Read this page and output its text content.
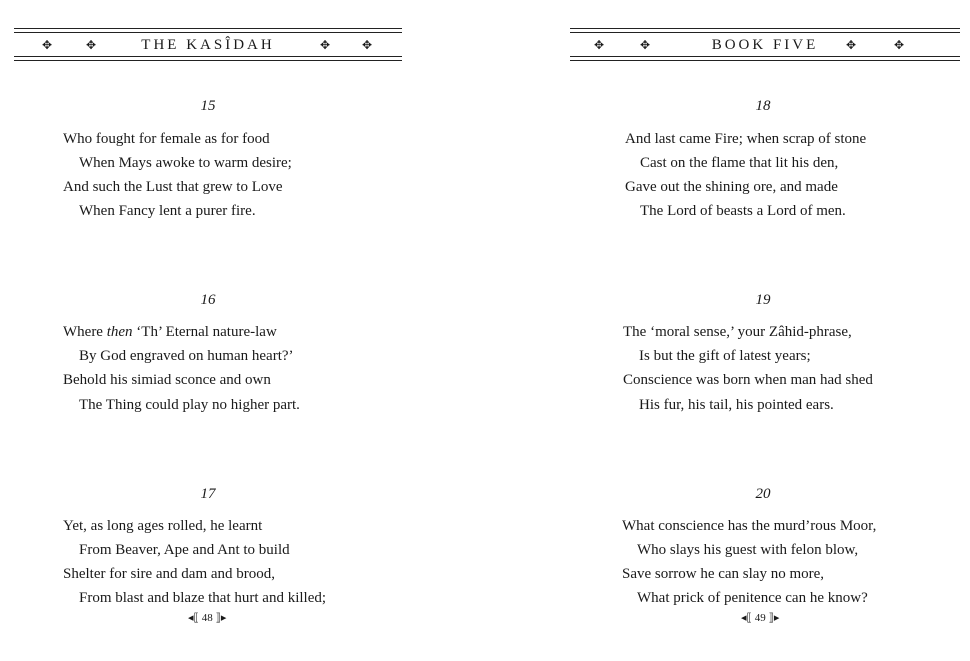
✥	✥	THE KASÎDAH	✥	✥
15
Who fought for female as for food
When Mays awoke to warm desire;
And such the Lust that grew to Love
When Fancy lent a purer fire.
16
Where then ‘Th’ Eternal nature-law
By God engraved on human heart?’
Behold his simiad sconce and own
The Thing could play no higher part.
17
Yet, as long ages rolled, he learnt
From Beaver, Ape and Ant to build
Shelter for sire and dam and brood,
From blast and blaze that hurt and killed;
◂⟦ 48 ⟧▸
✥	✥	BOOK FIVE	✥	✥
18
And last came Fire; when scrap of stone
Cast on the flame that lit his den,
Gave out the shining ore, and made
The Lord of beasts a Lord of men.
19
The ‘moral sense,’ your Zâhid-phrase,
Is but the gift of latest years;
Conscience was born when man had shed
His fur, his tail, his pointed ears.
20
What conscience has the murd’rous Moor,
Who slays his guest with felon blow,
Save sorrow he can slay no more,
What prick of penitence can he know?
◂⟦ 49 ⟧▸
